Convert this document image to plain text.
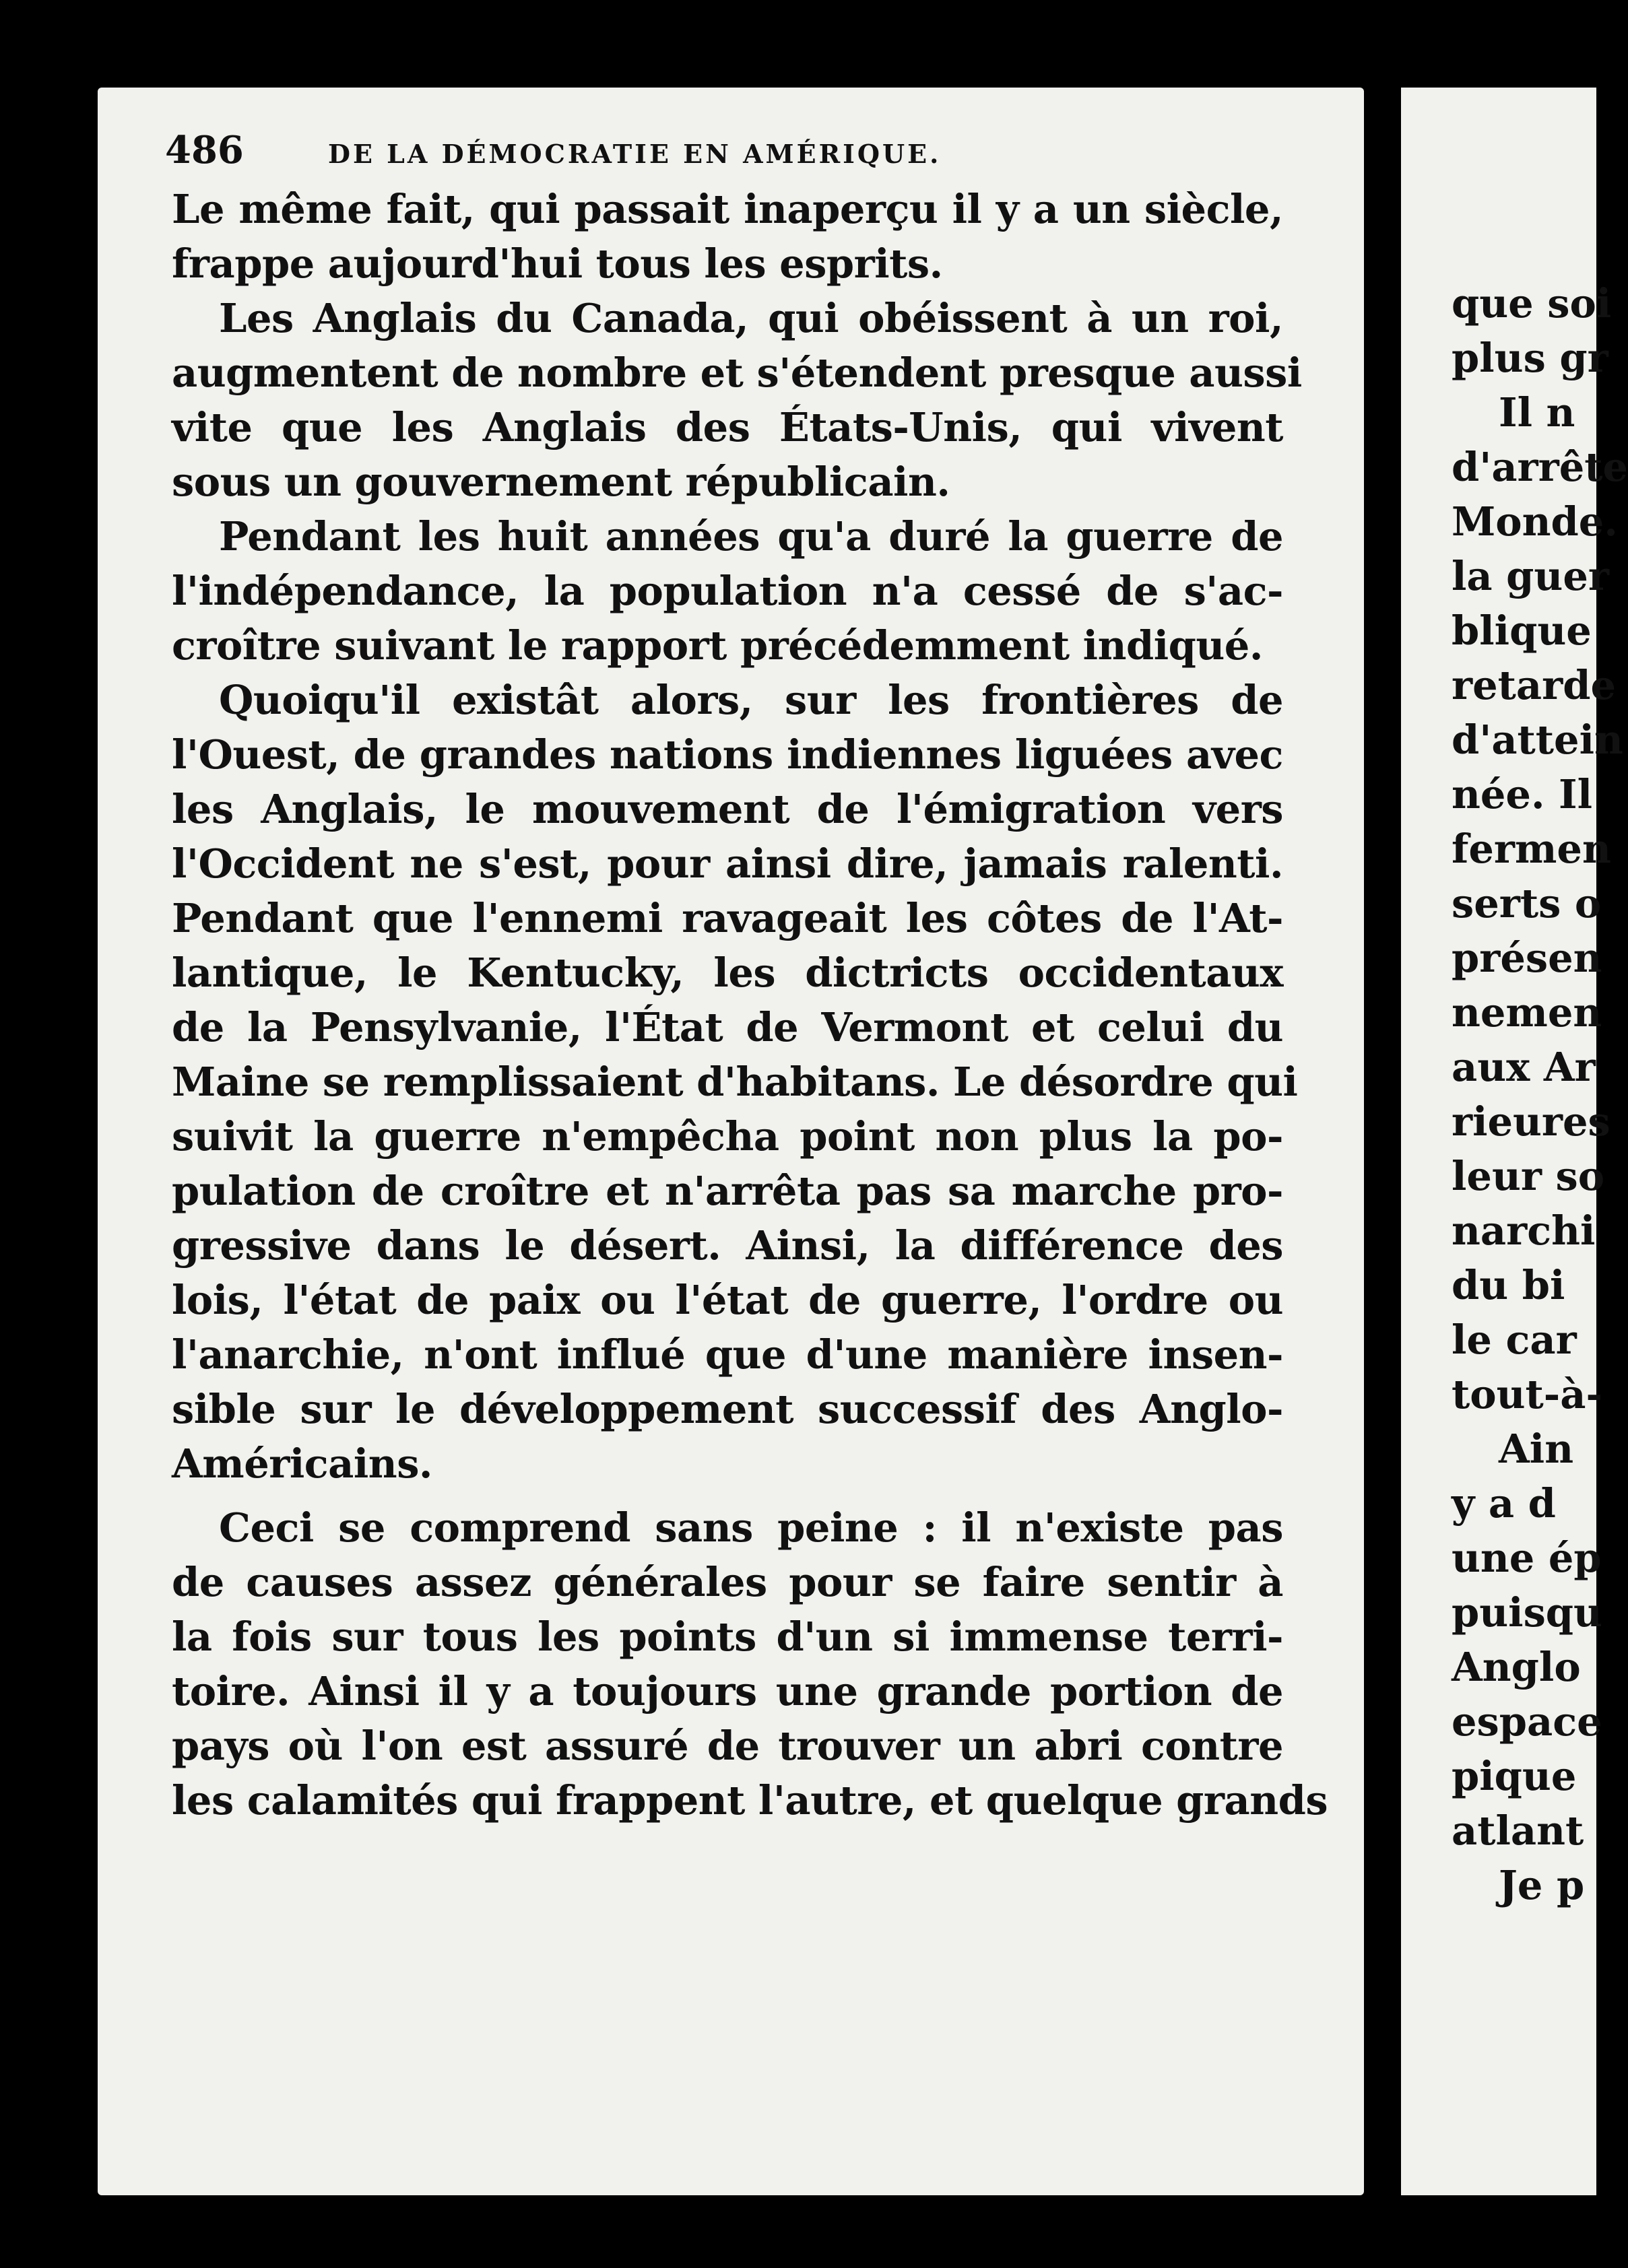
486	DE LA DÉMOCRATIE EN AMÉRIQUE.
Le même fait, qui passait inaperçu il y a un siècle,
frappe aujourd'hui tous les esprits.
Les Anglais du Canada, qui obéissent à un roi,
augmentent de nombre et s'étendent presque aussi
vite que les Anglais des États-Unis, qui vivent
sous un gouvernement républicain.
Pendant les huit années qu'a duré la guerre de
l'indépendance, la population n'a cessé de s'ac-
croître suivant le rapport précédemment indiqué.
Quoiqu'il existât alors, sur les frontières de
l'Ouest, de grandes nations indiennes liguées avec
les Anglais, le mouvement de l'émigration vers
l'Occident ne s'est, pour ainsi dire, jamais ralenti.
Pendant que l'ennemi ravageait les côtes de l'At-
lantique, le Kentucky, les dictricts occidentaux
de la Pensylvanie, l'État de Vermont et celui du
Maine se remplissaient d'habitans. Le désordre qui
suivit la guerre n'empêcha point non plus la po-
pulation de croître et n'arrêta pas sa marche pro-
gressive dans le désert. Ainsi, la différence des
lois, l'état de paix ou l'état de guerre, l'ordre ou
l'anarchie, n'ont influé que d'une manière insen-
sible sur le développement successif des Anglo-
Américains.
Ceci se comprend sans peine : il n'existe pas
de causes assez générales pour se faire sentir à
la fois sur tous les points d'un si immense terri-
toire. Ainsi il y a toujours une grande portion de
pays où l'on est assuré de trouver un abri contre
les calamités qui frappent l'autre, et quelque grands
que soi
plus gr
Il n
d'arrête
Monde.
la guer
blique
retarde
d'attein
née. Il
fermen
serts o
présen
nemen
aux Ar
rieures
leur so
narchi
du bi
le car
tout-à-
Ain
y a d
une ép
puisqu
Anglo
espace
pique
atlant
Je p
